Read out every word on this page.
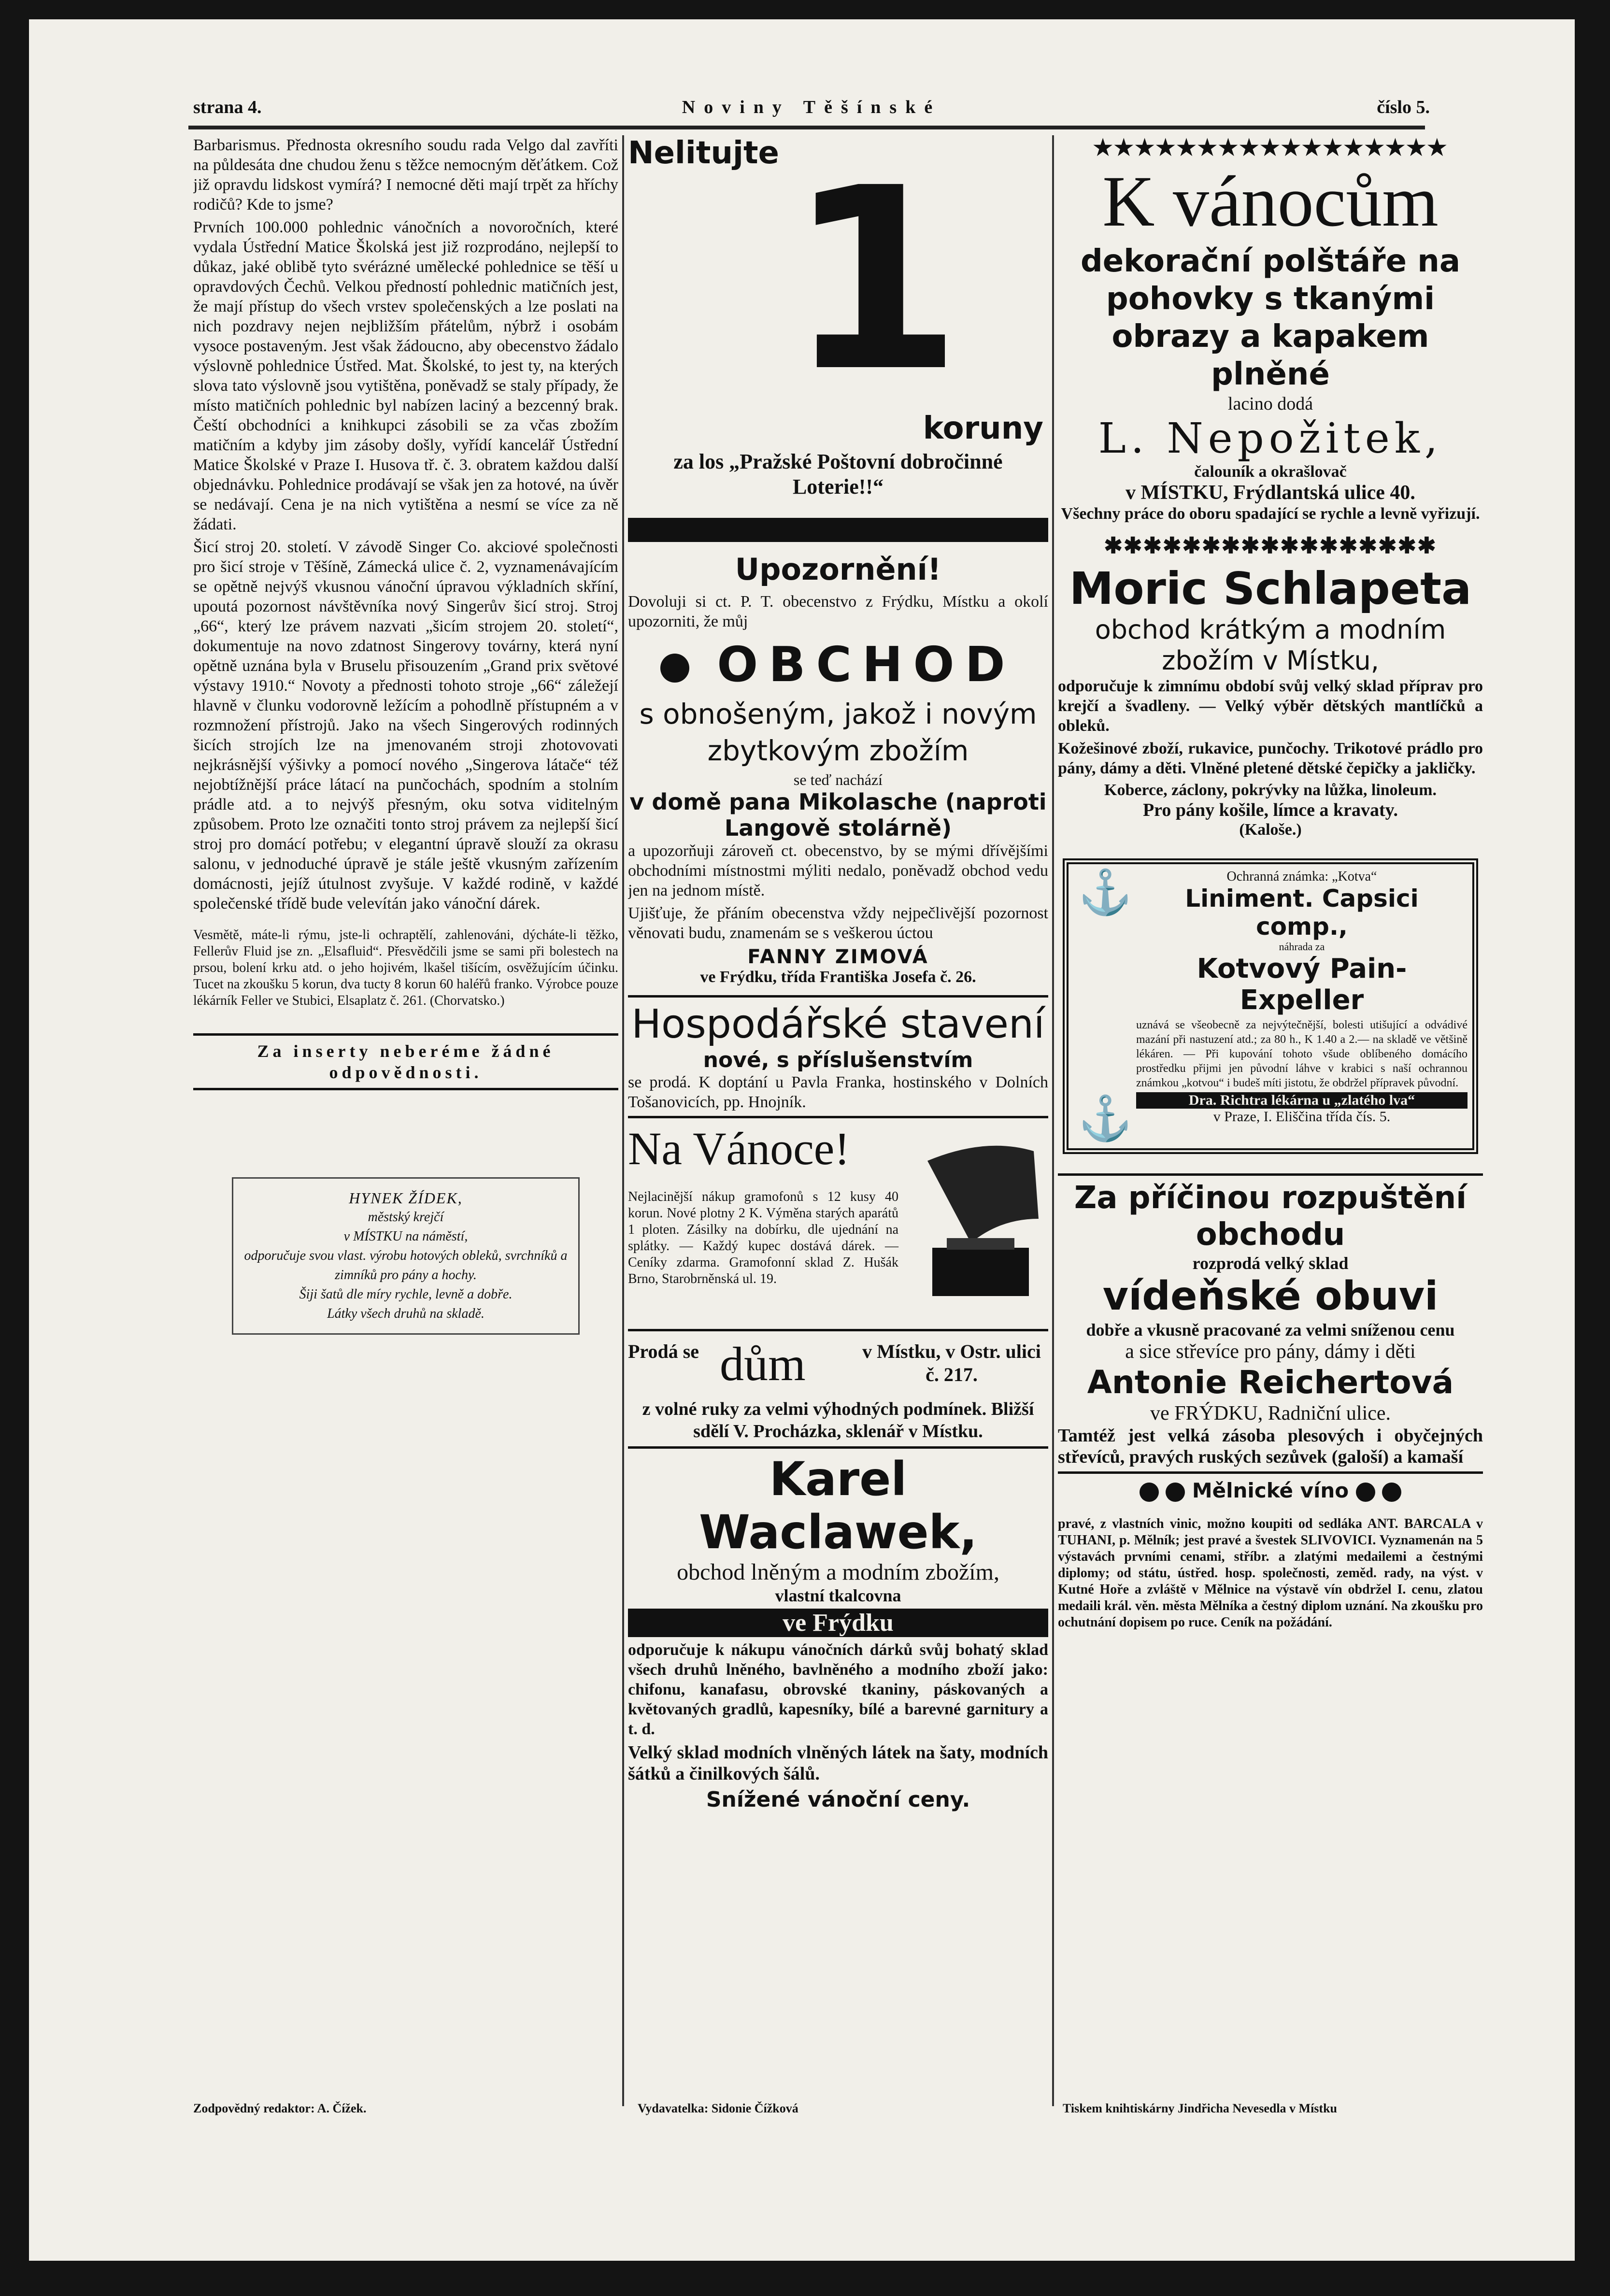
strana 4.	Noviny Těšínské	číslo 5.

Barbarismus. Přednosta okresního soudu rada Velgo dal zavříti na půldesáta dne chudou ženu s těžce nemocným děťátkem. Což již opravdu lidskost vymírá? I nemocné děti mají trpět za hříchy rodičů? Kde to jsme?

Prvních 100.000 pohlednic vánočních a novoročních, které vydala Ústřední Matice Školská jest již rozprodáno, nejlepší to důkaz, jaké oblibě tyto svérázné umělecké pohlednice se těší u opravdových Čechů. Velkou předností pohlednic matičních jest, že mají přístup do všech vrstev společenských a lze poslati na nich pozdravy nejen nejbližším přátelům, nýbrž i osobám vysoce postaveným. Jest však žádoucno, aby obecenstvo žádalo výslovně pohlednice Ústřed. Mat. Školské, to jest ty, na kterých slova tato výslovně jsou vytištěna, poněvadž se staly případy, že místo matičních pohlednic byl nabízen laciný a bezcenný brak. Čeští obchodníci a knihkupci zásobili se za včas zbožím matičním a kdyby jim zásoby došly, vyřídí kancelář Ústřední Matice Školské v Praze I. Husova tř. č. 3. obratem každou další objednávku. Pohlednice prodávají se však jen za hotové, na úvěr se nedávají. Cena je na nich vytištěna a nesmí se více za ně žádati.

Šicí stroj 20. století. V závodě Singer Co. akciové společnosti pro šicí stroje v Těšíně, Zámecká ulice č. 2, vyznamenávajícím se opětně nejvýš vkusnou vánoční úpravou výkladních skříní, upoutá pozornost návštěvníka nový Singerův šicí stroj. Stroj „66“, který lze právem nazvati „šicím strojem 20. století“, dokumentuje na novo zdatnost Singerovy továrny, která nyní opětně uznána byla v Bruselu přisouzením „Grand prix světové výstavy 1910.“ Novoty a přednosti tohoto stroje „66“ záležejí hlavně v člunku vodorovně ležícím a pohodlně přístupném a v rozmnožení přístrojů. Jako na všech Singerových rodinných šicích strojích lze na jmenovaném stroji zhotovovati nejkrásnější výšivky a pomocí nového „Singerova látače“ též nejobtížnější práce látací na punčochách, spodním a stolním prádle atd. a to nejvýš přesným, oku sotva viditelným způsobem. Proto lze označiti tonto stroj právem za nejlepší šicí stroj pro domácí potřebu; v elegantní úpravě slouží za okrasu salonu, v jednoduché úpravě je stále ještě vkusným zařízením domácnosti, jejíž útulnost zvyšuje. V každé rodině, v každé společenské třídě bude velevítán jako vánoční dárek.

Vesmětě, máte-li rýmu, jste-li ochraptělí, zahlenováni, dýcháte-li těžko, Fellerův Fluid jse zn. „Elsafluid“. Přesvědčili jsme se sami při bolestech na prsou, bolení krku atd. o jeho hojivém, lkašel tišícím, osvěžujícím účinku. Tucet na zkoušku 5 korun, dva tucty 8 korun 60 haléřů franko. Výrobce pouze lékárník Feller ve Stubici, Elsaplatz č. 261. (Chorvatsko.)

Za inserty neberéme žádné odpovědnosti.

HYNEK ŽÍDEK,
městský krejčí
v MÍSTKU na náměstí,
odporučuje svou vlast. výrobu hotových obleků, svrchníků a zimníků pro pány a hochy.
Šiji šatů dle míry rychle, levně a dobře.
Látky všech druhů na skladě.
Nelitujte 1
koruny
za los „Pražské Poštovní dobročinné Loterie!!“
Upozornění!

Dovoluji si ct. P. T. obecenstvo z Frýdku, Místku a okolí upozorniti, že můj

OBCHOD
s obnošeným, jakož i novým
zbytkovým zbožím
se teď nachází
v domě pana Mikolasche (naproti Langově stolárně)

a upozorňuji zároveň ct. obecenstvo, by se mými dřívějšími obchodními místnostmi mýliti nedalo, poněvadž obchod vedu jen na jednom místě.

Ujišťuje, že přáním obecenstva vždy nejpečlivější pozornost věnovati budu, znamenám se s veškerou úctou

FANNY ZIMOVÁ
ve Frýdku, třída Františka Josefa č. 26.
Hospodářské stavení
nové, s příslušenstvím

se prodá. K doptání u Pavla Franka, hostinského v Dolních Tošanovicích, pp. Hnojník.

Na Vánoce!

Nejlacinější nákup gramofonů s 12 kusy 40 korun. Nové plotny 2 K. Výměna starých aparátů 1 ploten. Zásilky na dobírku, dle ujednání na splátky. — Každý kupec dostává dárek. — Ceníky zdarma. Gramofonní sklad Z. Hušák Brno, Starobrněnská ul. 19.

Prodá se dům	v Místku, v Ostr. ulici č. 217.
z volné ruky za velmi výhodných podmínek. Bližší sdělí V. Procházka, sklenář v Místku.
Karel Waclawek,
obchod lněným a modním zbožím,
vlastní tkalcovna
ve Frýdku

odporučuje k nákupu vánočních dárků svůj bohatý sklad všech druhů lněného, bavlněného a modního zboží jako: chifonu, kanafasu, obrovské tkaniny, páskovaných a květovaných gradlů, kapesníky, bílé a barevné garnitury a t. d.

Velký sklad modních vlněných látek na šaty, modních šátků a činilkových šálů.

Snížené vánoční ceny.
★★★★★★★★★★★★★★★★★
K vánocům
dekorační polštáře na pohovky s tkanými obrazy a kapakem plněné
lacino dodá
L. Nepožitek,
čalouník a okrašlovač
v MÍSTKU, Frýdlantská ulice 40.
Všechny práce do oboru spadající se rychle a levně vyřizují.
✱✱✱✱✱✱✱✱✱✱✱✱✱✱✱✱✱
Moric Schlapeta
obchod krátkým a modním zbožím v Místku,

odporučuje k zimnímu období svůj velký sklad příprav pro krejčí a švadleny. — Velký výběr dětských mantlíčků a obleků.

Kožešinové zboží, rukavice, punčochy. Trikotové prádlo pro pány, dámy a děti. Vlněné pletené dětské čepičky a jakličky.

Koberce, záclony, pokrývky na lůžka, linoleum.
Pro pány košile, límce a kravaty.
(Kaloše.)
⚓
⚓
Ochranná známka: „Kotva“
Liniment. Capsici comp.,
náhrada za
Kotvový Pain-Expeller

uznává se všeobecně za nejvýtečnější, bolesti utišující a odvádivé mazání při nastuzení atd.; za 80 h., K 1.40 a 2.— na skladě ve většině lékáren. — Při kupování tohoto všude oblíbeného domácího prostředku přijmi jen původní láhve v krabici s naší ochrannou známkou „kotvou“ i budeš míti jistotu, že obdržel přípravek původní.

Dra. Richtra lékárna u „zlatého lva“
v Praze, I. Eliščina třída čís. 5.
Za příčinou rozpuštění obchodu
rozprodá velký sklad
vídeňské obuvi
dobře a vkusně pracované za velmi sníženou cenu
a sice střevíce pro pány, dámy i děti
Antonie Reichertová
ve FRÝDKU, Radniční ulice.

Tamtéž jest velká zásoba plesových i obyčejných střevíců, pravých ruských sezůvek (galoší) a kamaší

Mělnické víno

pravé, z vlastních vinic, možno koupiti od sedláka ANT. BARCALA v TUHANI, p. Mělník; jest pravé a švestek SLIVOVICI. Vyznamenán na 5 výstavách prvními cenami, stříbr. a zlatými medailemi a čestnými diplomy; od státu, ústřed. hosp. společnosti, zeměd. rady, na výst. v Kutné Hoře a zvláště v Mělnice na výstavě vín obdržel I. cenu, zlatou medaili král. věn. města Mělníka a čestný diplom uznání. Na zkoušku pro ochutnání dopisem po ruce. Ceník na požádání.

Zodpovědný redaktor: A. Čížek.	Vydavatelka: Sidonie Čížková	Tiskem knihtiskárny Jindřicha Nevesedla v Místku
